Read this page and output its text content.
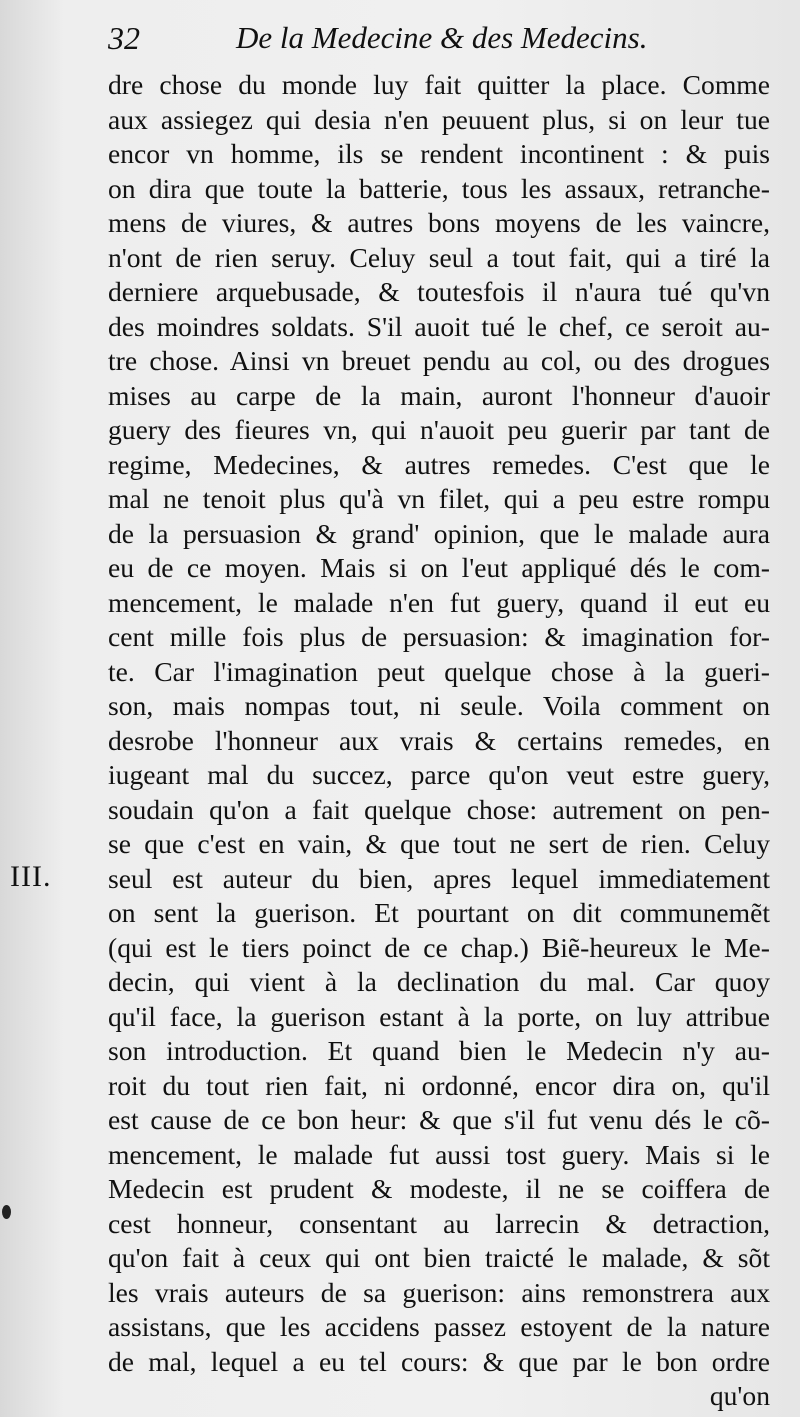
32	De la Medecine & des Medecins.
III.
dre chose du monde luy fait quitter la place. Comme
aux assiegez qui desia n'en peuuent plus, si on leur tue
encor vn homme, ils se rendent incontinent : & puis
on dira que toute la batterie, tous les assaux, retranche-
mens de viures, & autres bons moyens de les vaincre,
n'ont de rien seruy. Celuy seul a tout fait, qui a tiré la
derniere arquebusade, & toutesfois il n'aura tué qu'vn
des moindres soldats. S'il auoit tué le chef, ce seroit au-
tre chose. Ainsi vn breuet pendu au col, ou des drogues
mises au carpe de la main, auront l'honneur d'auoir
guery des fieures vn, qui n'auoit peu guerir par tant de
regime, Medecines, & autres remedes. C'est que le
mal ne tenoit plus qu'à vn filet, qui a peu estre rompu
de la persuasion & grand' opinion, que le malade aura
eu de ce moyen. Mais si on l'eut appliqué dés le com-
mencement, le malade n'en fut guery, quand il eut eu
cent mille fois plus de persuasion: & imagination for-
te. Car l'imagination peut quelque chose à la gueri-
son, mais nompas tout, ni seule. Voila comment on
desrobe l'honneur aux vrais & certains remedes, en
iugeant mal du succez, parce qu'on veut estre guery,
soudain qu'on a fait quelque chose: autrement on pen-
se que c'est en vain, & que tout ne sert de rien. Celuy
seul est auteur du bien, apres lequel immediatement
on sent la guerison. Et pourtant on dit communemẽt
(qui est le tiers poinct de ce chap.) Biẽ-heureux le Me-
decin, qui vient à la declination du mal. Car quoy
qu'il face, la guerison estant à la porte, on luy attribue
son introduction. Et quand bien le Medecin n'y au-
roit du tout rien fait, ni ordonné, encor dira on, qu'il
est cause de ce bon heur: & que s'il fut venu dés le cõ-
mencement, le malade fut aussi tost guery. Mais si le
Medecin est prudent & modeste, il ne se coiffera de
cest honneur, consentant au larrecin & detraction,
qu'on fait à ceux qui ont bien traicté le malade, & sõt
les vrais auteurs de sa guerison: ains remonstrera aux
assistans, que les accidens passez estoyent de la nature
de mal, lequel a eu tel cours: & que par le bon ordre
qu'on
